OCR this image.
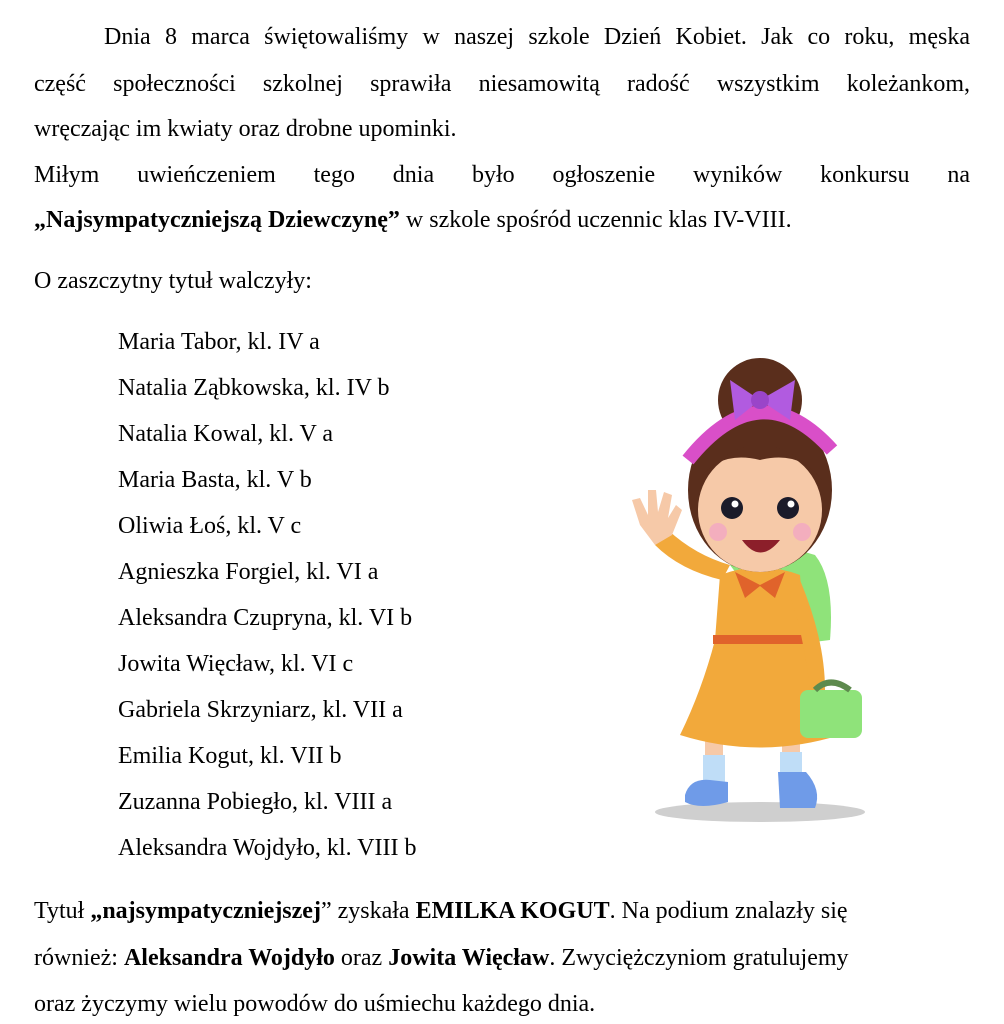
Dnia 8 marca świętowaliśmy w naszej szkole Dzień Kobiet. Jak co roku, męska
część społeczności szkolnej sprawiła niesamowitą radość wszystkim koleżankom,
wręczając im kwiaty oraz drobne upominki.
Miłym uwieńczeniem tego dnia było ogłoszenie wyników konkursu na
„Najsympatyczniejszą Dziewczynę” w szkole spośród uczennic klas IV-VIII.
O zaszczytny tytuł walczyły:
Maria Tabor, kl. IV a
Natalia Ząbkowska, kl. IV b
Natalia Kowal, kl. V a
Maria Basta, kl. V b
Oliwia Łoś, kl. V c
Agnieszka Forgiel, kl. VI a
Aleksandra Czupryna, kl. VI b
Jowita Więcław, kl. VI c
Gabriela Skrzyniarz, kl. VII a
Emilia Kogut, kl. VII b
Zuzanna Pobiegło, kl. VIII a
Aleksandra Wojdyło, kl. VIII b
Tytuł „najsympatyczniejszej” zyskała EMILKA KOGUT. Na podium znalazły się
również: Aleksandra Wojdyło oraz Jowita Więcław. Zwyciężczyniom gratulujemy
oraz życzymy wielu powodów do uśmiechu każdego dnia.
